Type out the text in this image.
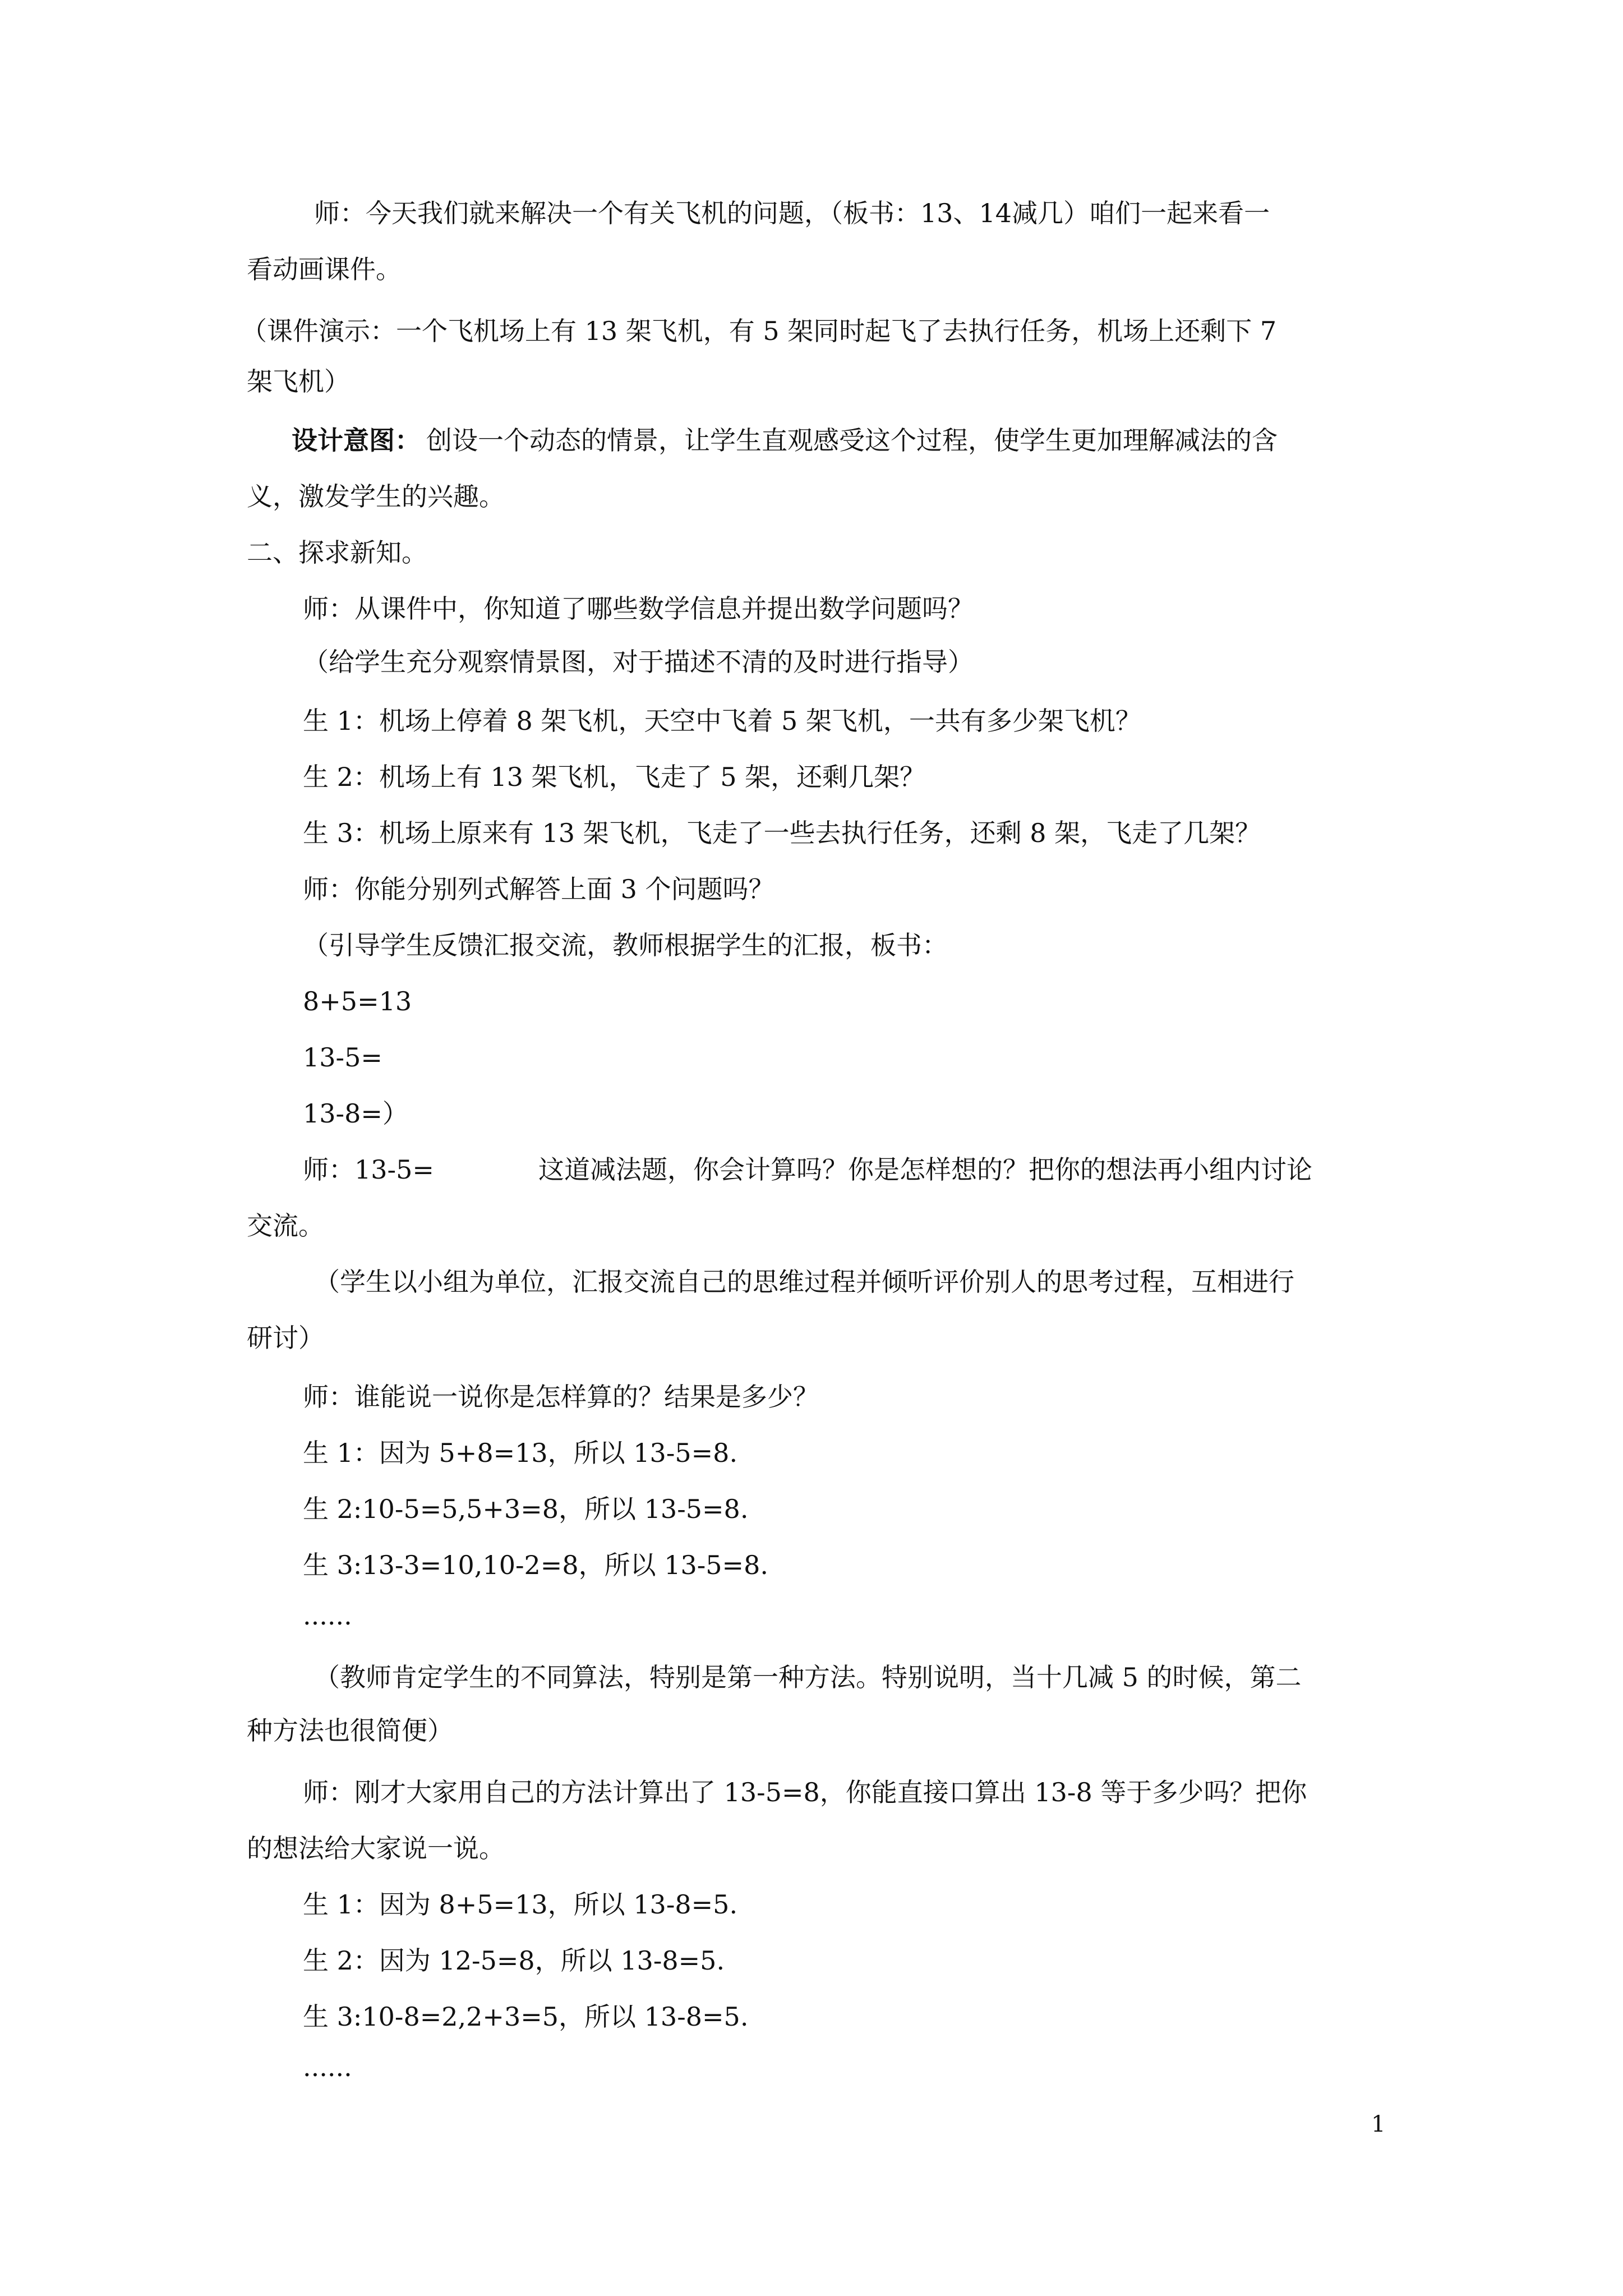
师：今天我们就来解决一个有关飞机的问题，（板书：13、14减几）咱们一起来看一

看动画课件。

（课件演示：一个飞机场上有 13 架飞机，有 5 架同时起飞了去执行任务，机场上还剩下 7

架飞机）

设计意图： 创设一个动态的情景，让学生直观感受这个过程，使学生更加理解减法的含

义，激发学生的兴趣。

二、探求新知。

师：从课件中，你知道了哪些数学信息并提出数学问题吗？

（给学生充分观察情景图，对于描述不清的及时进行指导）

生 1：机场上停着 8 架飞机，天空中飞着 5 架飞机，一共有多少架飞机？

生 2：机场上有 13 架飞机，飞走了 5 架，还剩几架？

生 3：机场上原来有 13 架飞机，飞走了一些去执行任务，还剩 8 架，飞走了几架？

师：你能分别列式解答上面 3 个问题吗？

（引导学生反馈汇报交流，教师根据学生的汇报，板书：

8+5=13

13-5=

13-8=）

师：13-5=	这道减法题，你会计算吗？你是怎样想的？把你的想法再小组内讨论

交流。

（学生以小组为单位，汇报交流自己的思维过程并倾听评价别人的思考过程，互相进行

研讨）

师：谁能说一说你是怎样算的？结果是多少？

生 1：因为 5+8=13，所以 13-5=8.

生 2:10-5=5,5+3=8，所以 13-5=8.

生 3:13-3=10,10-2=8，所以 13-5=8.

......

（教师肯定学生的不同算法，特别是第一种方法。特别说明，当十几减 5 的时候，第二

种方法也很简便）

师：刚才大家用自己的方法计算出了 13-5=8，你能直接口算出 13-8 等于多少吗？把你

的想法给大家说一说。

生 1：因为 8+5=13，所以 13-8=5.

生 2：因为 12-5=8，所以 13-8=5.

生 3:10-8=2,2+3=5，所以 13-8=5.

......

1
